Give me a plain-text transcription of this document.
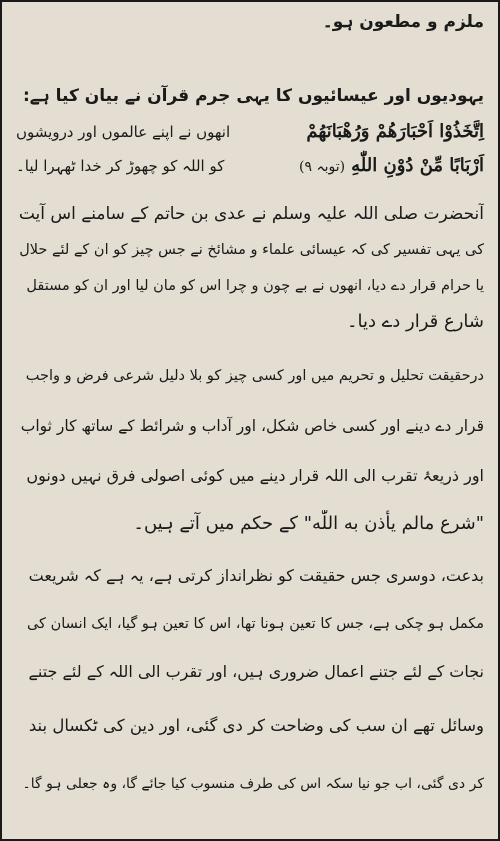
ملزم و مطعون ہو۔
یہودیوں اور عیسائیوں کا یہی جرم قرآن نے بیان کیا ہے:
اِتَّخَذُوْا اَحْبَارَهُمْ وَرُهْبَانَهُمْ
انھوں نے اپنے عالموں اور درویشوں
اَرْبَابًا مِّنْ دُوْنِ اللّٰهِ(توبہ ۹)
کو اللہ کو چھوڑ کر خدا ٹھہرا لیا۔
آنحضرت صلی اللہ علیہ وسلم نے عدی بن حاتم کے سامنے اس آیت
کی یہی تفسیر کی کہ عیسائی علماء و مشائخ نے جس چیز کو ان کے لئے حلال
یا حرام قرار دے دیا، انھوں نے بے چون و چرا اس کو مان لیا اور ان کو مستقل
شارع قرار دے دیا۔
درحقیقت تحلیل و تحریم میں اور کسی چیز کو بلا دلیل شرعی فرض و واجب
قرار دے دینے اور کسی خاص شکل، اور آداب و شرائط کے ساتھ کار ثواب
اور ذریعۂ تقرب الی اللہ قرار دینے میں کوئی اصولی فرق نہیں دونوں
"شرع مالم یأذن به اللّٰه" کے حکم میں آتے ہیں۔
بدعت، دوسری جس حقیقت کو نظرانداز کرتی ہے، یہ ہے کہ شریعت
مکمل ہو چکی ہے، جس کا تعین ہونا تھا، اس کا تعین ہو گیا، ایک انسان کی
نجات کے لئے جتنے اعمال ضروری ہیں، اور تقرب الی اللہ کے لئے جتنے
وسائل تھے ان سب کی وضاحت کر دی گئی، اور دین کی ٹکسال بند
کر دی گئی، اب جو نیا سکہ اس کی طرف منسوب کیا جائے گا، وہ جعلی ہو گا۔
